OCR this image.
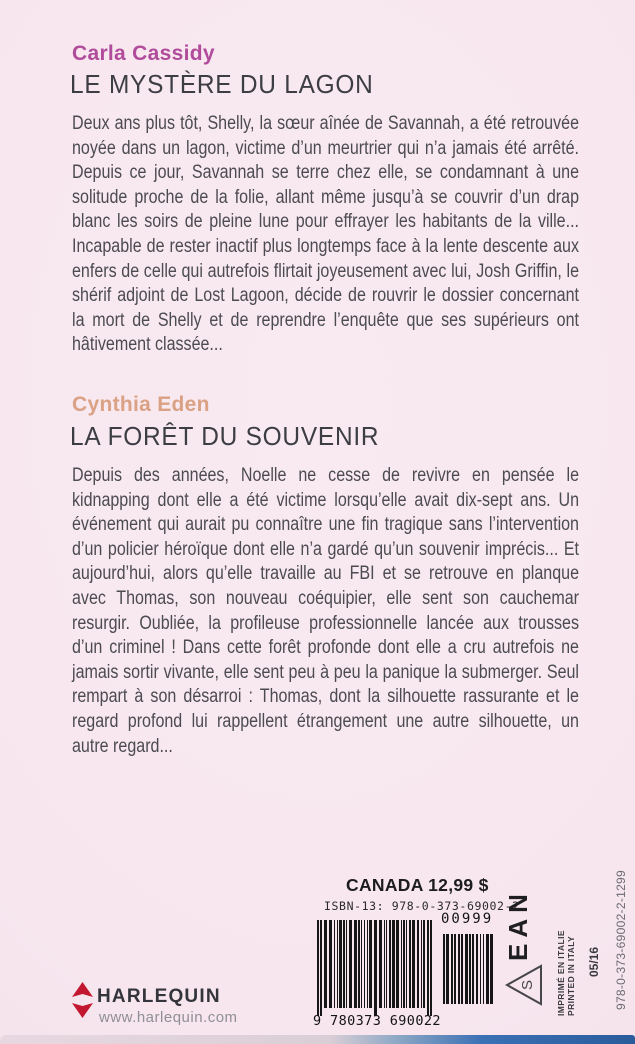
Carla Cassidy
LE MYSTÈRE DU LAGON
Deux ans plus tôt, Shelly, la sœur aînée de Savannah, a été retrouvée noyée dans un lagon, victime d’un meurtrier qui n’a jamais été arrêté. Depuis ce jour, Savannah se terre chez elle, se condamnant à une solitude proche de la folie, allant même jusqu’à se couvrir d’un drap blanc les soirs de pleine lune pour effrayer les habitants de la ville... Incapable de rester inactif plus longtemps face à la lente descente aux enfers de celle qui autrefois flirtait joyeusement avec lui, Josh Griffin, le shérif adjoint de Lost Lagoon, décide de rouvrir le dossier concernant la mort de Shelly et de reprendre l’enquête que ses supérieurs ont hâtivement classée...
Cynthia Eden
LA FORÊT DU SOUVENIR
Depuis des années, Noelle ne cesse de revivre en pensée le kidnapping dont elle a été victime lorsqu’elle avait dix-sept ans. Un événement qui aurait pu connaître une fin tragique sans l’intervention d’un policier héroïque dont elle n’a gardé qu’un souvenir imprécis... Et aujourd’hui, alors qu’elle travaille au FBI et se retrouve en planque avec Thomas, son nouveau coéquipier, elle sent son cauchemar resurgir. Oubliée, la profileuse professionnelle lancée aux trousses d’un criminel ! Dans cette forêt profonde dont elle a cru autrefois ne jamais sortir vivante, elle sent peu à peu la panique la submerger. Seul rempart à son désarroi : Thomas, dont la silhouette rassurante et le regard profond lui rappellent étrangement une autre silhouette, un autre regard...
HARLEQUIN
www.harlequin.com
CANADA 12,99 $
ISBN-13: 978-0-373-69002-2
9 780373 690022
00999 EAN
S IMPRIMÉ EN ITALIE PRINTED IN ITALY 05/16 978-0-373-69002-2-1299
